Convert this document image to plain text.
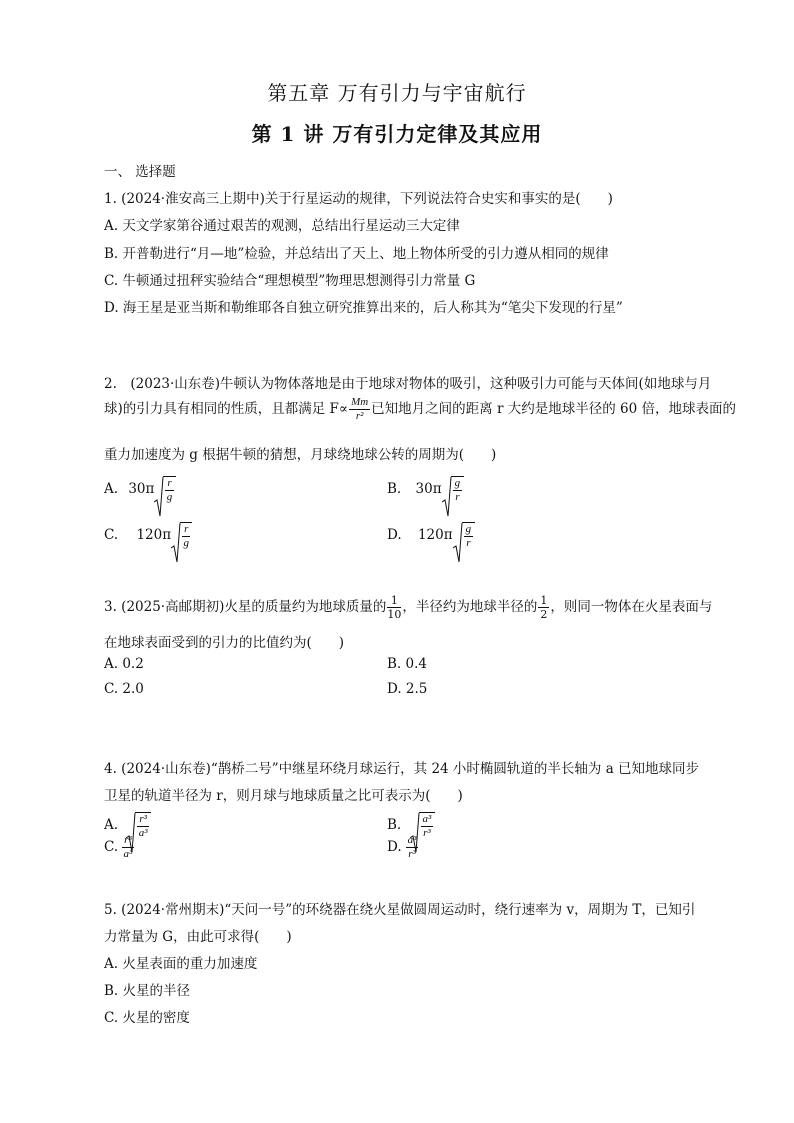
第五章 万有引力与宇宙航行
第 1 讲 万有引力定律及其应用
一、 选择题
1. (2024·淮安高三上期中)关于行星运动的规律，下列说法符合史实和事实的是(　　)
A. 天文学家第谷通过艰苦的观测，总结出行星运动三大定律
B. 开普勒进行“月—地”检验，并总结出了天上、地上物体所受的引力遵从相同的规律
C. 牛顿通过扭秤实验结合“理想模型”物理思想测得引力常量 G
D. 海王星是亚当斯和勒维耶各自独立研究推算出来的，后人称其为“笔尖下发现的行星”
2.　(2023·山东卷)牛顿认为物体落地是由于地球对物体的吸引，这种吸引力可能与天体间(如地球与月
球)的引力具有相同的性质，且都满足 $F\propto \frac{Mm}{\text{r²}}$ 已知地月之间的距离 r 大约是地球半径的 60 倍，地球表面的
重力加速度为 g 根据牛顿的猜想，月球绕地球公转的周期为(　　)
A. $30\pi \frac{r}{g}$	B. $30\pi \frac{g}{r}$
C. $120\pi \frac{r}{g}$	D. $120\pi \frac{g}{r}$
3. (2025·高邮期初)火星的质量约为地球质量的 $\frac{1}{10}$ ，半径约为地球半径的 $\frac{1}{2}$ ，则同一物体在火星表面与
在地球表面受到的引力的比值约为(　　)
A. 0.2	B. 0.4
C. 2.0	D. 2.5
4. (2024·山东卷)“鹊桥二号”中继星环绕月球运行，其 24 小时椭圆轨道的半长轴为 a 已知地球同步
卫星的轨道半径为 r，则月球与地球质量之比可表示为(　　)
A. $\frac{\text{r³}}{\text{a³}}$	B. $\frac{\text{a³}}{\text{r³}}$
C. $\frac{\text{r³}}{\text{a³}}$	D. $\frac{\text{a³}}{\text{r³}}$
5. (2024·常州期末)“天问一号”的环绕器在绕火星做圆周运动时，绕行速率为 v，周期为 T，已知引
力常量为 G，由此可求得(　　)
A. 火星表面的重力加速度
B. 火星的半径
C. 火星的密度
